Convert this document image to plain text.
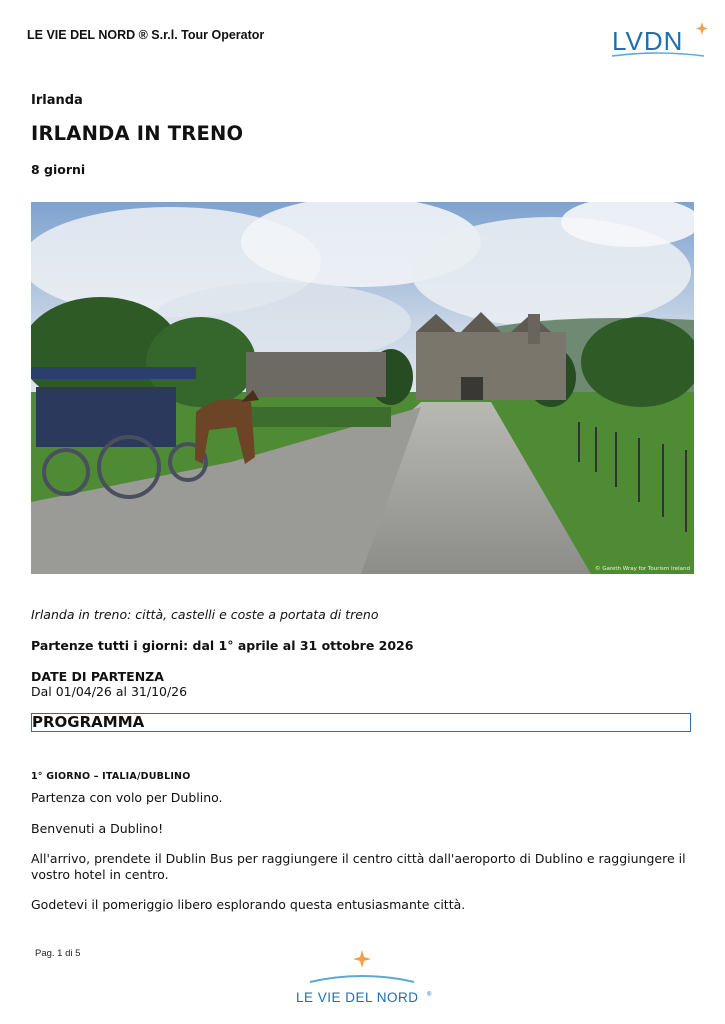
LE VIE DEL NORD ® S.r.l. Tour Operator	LVDN
Irlanda
IRLANDA IN TRENO
8 giorni
© Gareth Wray for Tourism Ireland
Irlanda in treno: città, castelli e coste a portata di treno
Partenze tutti i giorni: dal 1° aprile al 31 ottobre 2026
DATE DI PARTENZA
Dal 01/04/26 al 31/10/26
PROGRAMMA
1° GIORNO – ITALIA/DUBLINO
Partenza con volo per Dublino.
Benvenuti a Dublino!
All'arrivo, prendete il Dublin Bus per raggiungere il centro città dall'aeroporto di Dublino e raggiungere il vostro hotel in centro.
Godetevi il pomeriggio libero esplorando questa entusiasmante città.
Pag. 1 di 5
LE VIE DEL NORD ®
